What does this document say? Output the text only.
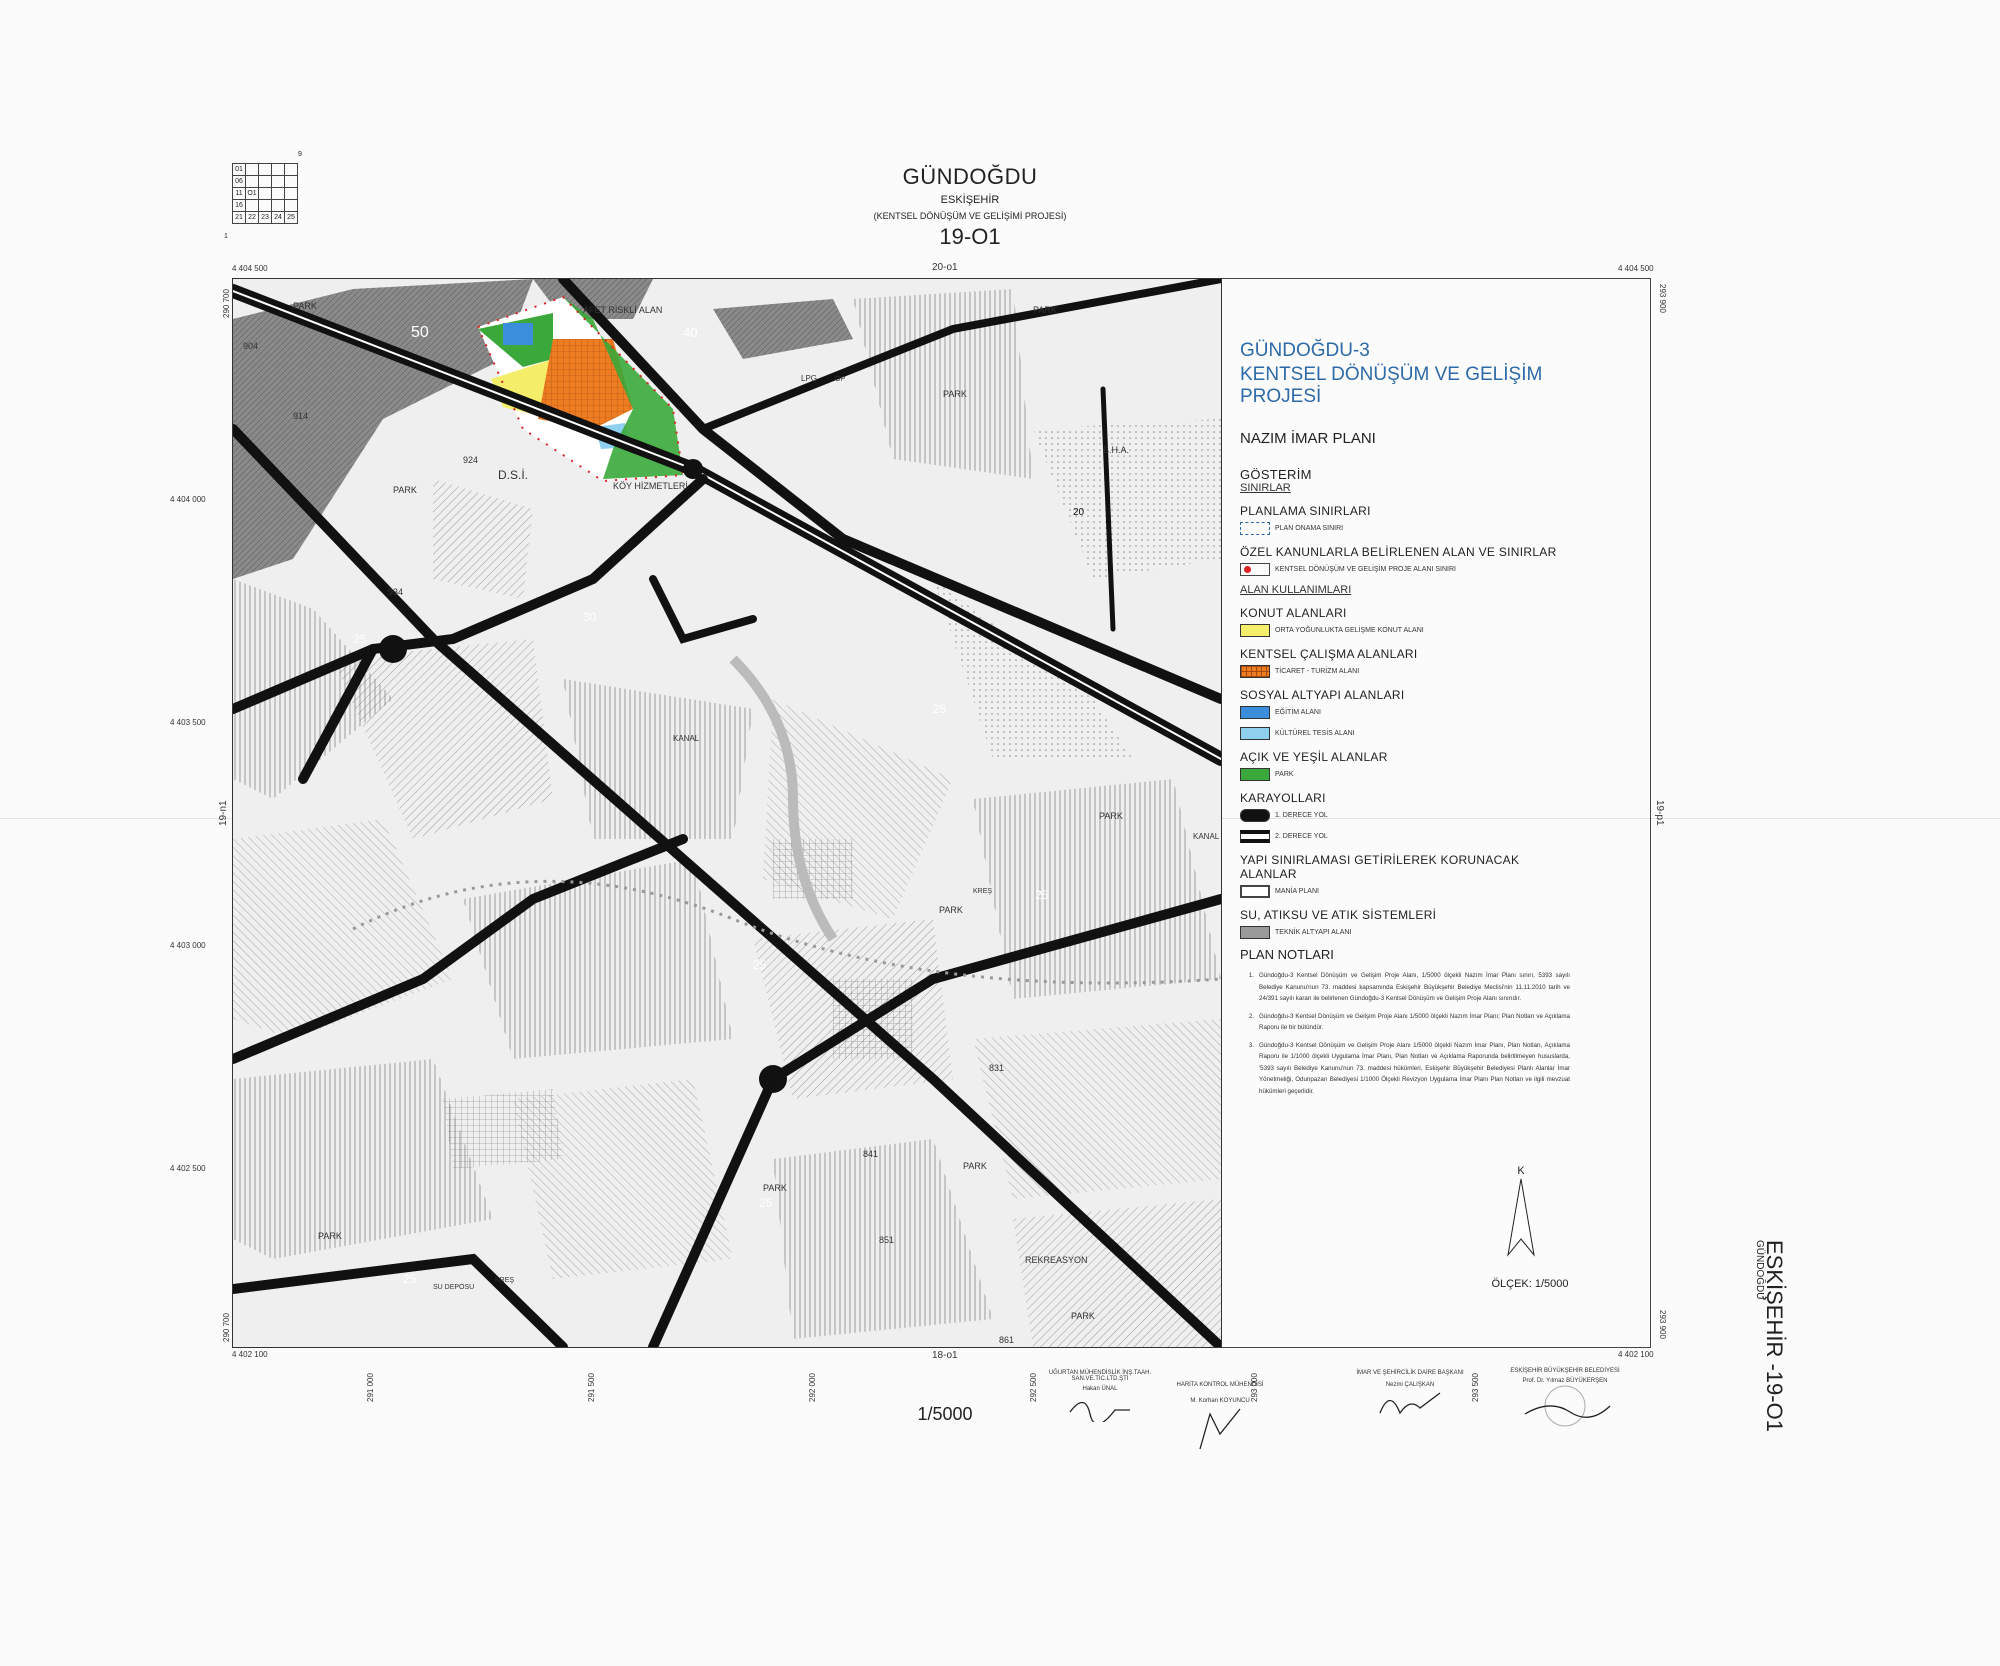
9
1
01				
06				
11	O1			
16				
21	22	23	24	25
GÜNDOĞDU
ESKİŞEHİR
(KENTSEL DÖNÜŞÜM VE GELİŞİMİ PROJESİ)
19-O1
4 404 500	4 404 500
20-o1
4 402 100	4 402 100
18-o1
19-n1	19-p1
290 700
290 700
293 900
293 900
4 404 000
4 403 500
4 403 000
4 402 500
291 000	291 500	292 000	292 500	293 000	293 500
AFET RİSKLİ ALAN
D.S.İ.
KÖY HİZMETLERİ
B.H.A.
KANAL
KANAL
PARK	PARK
PARK
PARK
PARK
PARK
PARK
PARK
PARK
PARK
KREŞ
KREŞ
SU DEPOSU
REKREASYON
LPG	OP
904
914
924
934
841
851
861
831
50	40
30
25
25
25
25
25
25
20
GÜNDOĞDU-3
KENTSEL DÖNÜŞÜM VE GELİŞİM PROJESİ
NAZIM İMAR PLANI
GÖSTERİM
SINIRLAR
PLANLAMA SINIRLARI
PLAN ONAMA SINIRI
ÖZEL KANUNLARLA BELİRLENEN ALAN VE SINIRLAR
KENTSEL DÖNÜŞÜM VE GELİŞİM PROJE ALANI SINIRI
ALAN KULLANIMLARI
KONUT ALANLARI
ORTA YOĞUNLUKTA GELİŞME KONUT ALANI
KENTSEL ÇALIŞMA ALANLARI
TİCARET - TURİZM ALANI
SOSYAL ALTYAPI ALANLARI
EĞİTİM ALANI
KÜLTÜREL TESİS ALANI
AÇIK VE YEŞİL ALANLAR
PARK
KARAYOLLARI
1. DERECE YOL
2. DERECE YOL
YAPI SINIRLAMASI GETİRİLEREK KORUNACAK ALANLAR
MANİA PLANI
SU, ATIKSU VE ATIK SİSTEMLERİ
TEKNİK ALTYAPI ALANI
PLAN NOTLARI
1. Gündoğdu-3 Kentsel Dönüşüm ve Gelişim Proje Alanı, 1/5000 ölçekli Nazım İmar Planı sınırı, 5393 sayılı Belediye Kanunu'nun 73. maddesi kapsamında Eskişehir Büyükşehir Belediye Meclisi'nin 11.11.2010 tarih ve 24/391 sayılı kararı ile belirlenen Gündoğdu-3 Kentsel Dönüşüm ve Gelişim Proje Alanı sınırıdır.
2. Gündoğdu-3 Kentsel Dönüşüm ve Gelişim Proje Alanı 1/5000 ölçekli Nazım İmar Planı; Plan Notları ve Açıklama Raporu ile bir bütündür.
3. Gündoğdu-3 Kentsel Dönüşüm ve Gelişim Proje Alanı 1/5000 ölçekli Nazım İmar Planı, Plan Notları, Açıklama Raporu ile 1/1000 ölçekli Uygulama İmar Planı, Plan Notları ve Açıklama Raporunda belirtilmeyen hususlarda, '5393 sayılı Belediye Kanunu'nun 73. maddesi hükümleri, Eskişehir Büyükşehir Belediyesi Planlı Alanlar İmar Yönetmeliği, Odunpazarı Belediyesi 1/1000 Ölçekli Revizyon Uygulama İmar Planı Plan Notları ve ilgili mevzuat hükümleri geçerlidir.
K
ÖLÇEK: 1/5000
1/5000
UĞURTAN MÜHENDİSLİK İNŞ.TAAH. SAN.VE.TİC.LTD.ŞTİ
Hakan ÜNAL
HARİTA KONTROL MÜHENDİSİ
M. Korhan KOYUNCU
İMAR VE ŞEHİRCİLİK DAİRE BAŞKANI
Nezmi ÇALIŞKAN
ESKİŞEHİR BÜYÜKŞEHİR BELEDİYESİ
Prof. Dr. Yılmaz BÜYÜKERŞEN	ESKİŞEHİR -19-O1
GÜNDOĞDU
